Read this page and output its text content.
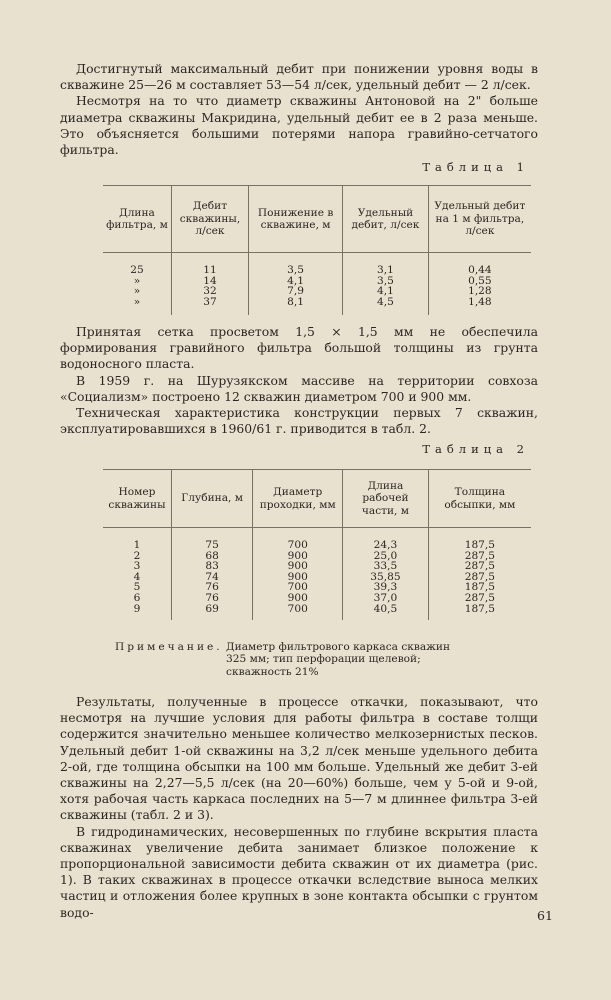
Достигнутый максимальный дебит при понижении уровня воды в скважине 25—26 м составляет 53—54 л/сек, удельный дебит — 2 л/сек.

Несмотря на то что диаметр скважины Антоновой на 2" больше диаметра скважины Макридина, удельный дебит ее в 2 раза меньше. Это объясняется большими потерями напора гравийно-сетчатого фильтра.

Таблица 1
Длина фильтра, м	Дебит скважины, л/сек	Понижение в скважине, м	Удельный дебит, л/сек	Удельный дебит на 1 м фильтра, л/сек

25	11	3,5	3,1	0,44
»	14	4,1	3,5	0,55
»	32	7,9	4,1	1,28
»	37	8,1	4,5	1,48

Принятая сетка просветом 1,5 × 1,5 мм не обеспечила формирования гравийного фильтра большой толщины из грунта водоносного пласта.

В 1959 г. на Шурузякском массиве на территории совхоза «Социализм» построено 12 скважин диаметром 700 и 900 мм.

Техническая характеристика конструкции первых 7 скважин, эксплуатировавшихся в 1960/61 г. приводится в табл. 2.

Таблица 2
Номер скважины	Глубина, м	Диаметр проходки, мм	Длина рабочей части, м	Толщина обсыпки, мм

1	75	700	24,3	187,5
2	68	900	25,0	287,5
3	83	900	33,5	287,5
4	74	900	35,85	287,5
5	76	700	39,3	187,5
6	76	900	37,0	287,5
9	69	700	40,5	187,5

Примечание. Диаметр фильтрового каркаса скважин 325 мм; тип перфорации щелевой; скважность 21%

Результаты, полученные в процессе откачки, показывают, что несмотря на лучшие условия для работы фильтра в составе толщи содержится значительно меньшее количество мелкозернистых песков. Удельный дебит 1-ой скважины на 3,2 л/сек меньше удельного дебита 2-ой, где толщина обсыпки на 100 мм больше. Удельный же дебит 3-ей скважины на 2,27—5,5 л/сек (на 20—60%) больше, чем у 5-ой и 9-ой, хотя рабочая часть каркаса последних на 5—7 м длиннее фильтра 3-ей скважины (табл. 2 и 3).

В гидродинамических, несовершенных по глубине вскрытия пласта скважинах увеличение дебита занимает близкое положение к пропорциональной зависимости дебита скважин от их диаметра (рис. 1). В таких скважинах в процессе откачки вследствие выноса мелких частиц и отложения более крупных в зоне контакта обсыпки с грунтом водо-	61
